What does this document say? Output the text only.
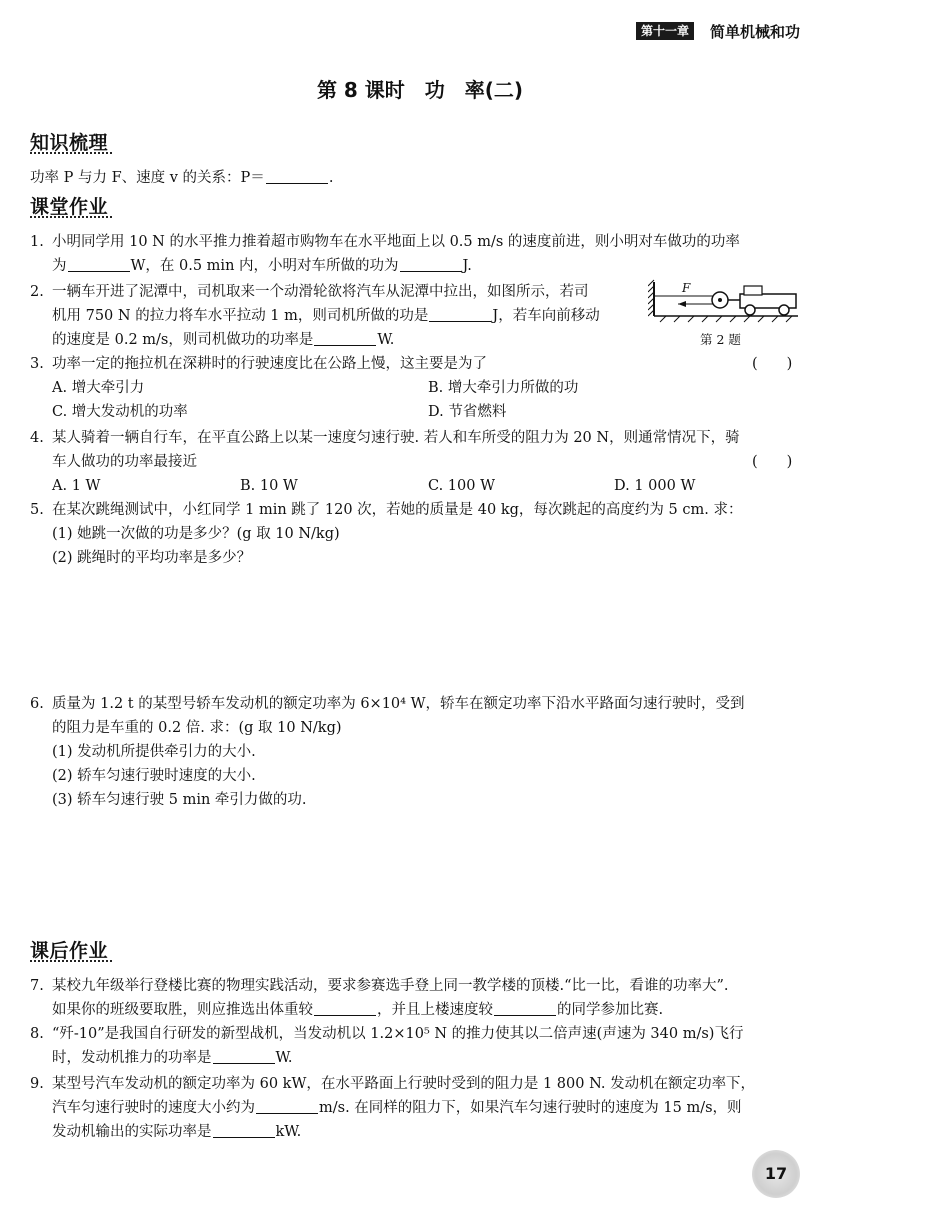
第十一章	简单机械和功
第 8 课时　功　率(二)
知识梳理
功率 P 与力 F、速度 v 的关系：P＝	.
课堂作业
1. 小明同学用 10 N 的水平推力推着超市购物车在水平地面上以 0.5 m/s 的速度前进，则小明对车做功的功率
为	W，在 0.5 min 内，小明对车所做的功为	J.
2. 一辆车开进了泥潭中，司机取来一个动滑轮欲将汽车从泥潭中拉出，如图所示，若司
机用 750 N 的拉力将车水平拉动 1 m，则司机所做的功是	J，若车向前移动
的速度是 0.2 m/s，则司机做功的功率是	W.
F
第 2 题
3. 功率一定的拖拉机在深耕时的行驶速度比在公路上慢，这主要是为了	(　　)
A. 增大牵引力	B. 增大牵引力所做的功
C. 增大发动机的功率	D. 节省燃料
4. 某人骑着一辆自行车，在平直公路上以某一速度匀速行驶. 若人和车所受的阻力为 20 N，则通常情况下，骑
车人做功的功率最接近	(　　)
A. 1 W	B. 10 W	C. 100 W	D. 1 000 W
5. 在某次跳绳测试中，小红同学 1 min 跳了 120 次，若她的质量是 40 kg，每次跳起的高度约为 5 cm. 求：
(1) 她跳一次做的功是多少？(g 取 10 N/kg)
(2) 跳绳时的平均功率是多少？
6. 质量为 1.2 t 的某型号轿车发动机的额定功率为 6×10⁴ W，轿车在额定功率下沿水平路面匀速行驶时，受到
的阻力是车重的 0.2 倍. 求：(g 取 10 N/kg)
(1) 发动机所提供牵引力的大小.
(2) 轿车匀速行驶时速度的大小.
(3) 轿车匀速行驶 5 min 牵引力做的功.
课后作业
7. 某校九年级举行登楼比赛的物理实践活动，要求参赛选手登上同一教学楼的顶楼.“比一比，看谁的功率大”.
如果你的班级要取胜，则应推选出体重较	，并且上楼速度较	的同学参加比赛.
8. “歼-10”是我国自行研发的新型战机，当发动机以 1.2×10⁵ N 的推力使其以二倍声速(声速为 340 m/s)飞行
时，发动机推力的功率是	W.
9. 某型号汽车发动机的额定功率为 60 kW，在水平路面上行驶时受到的阻力是 1 800 N. 发动机在额定功率下，
汽车匀速行驶时的速度大小约为	m/s. 在同样的阻力下，如果汽车匀速行驶时的速度为 15 m/s，则
发动机输出的实际功率是	kW.
17
